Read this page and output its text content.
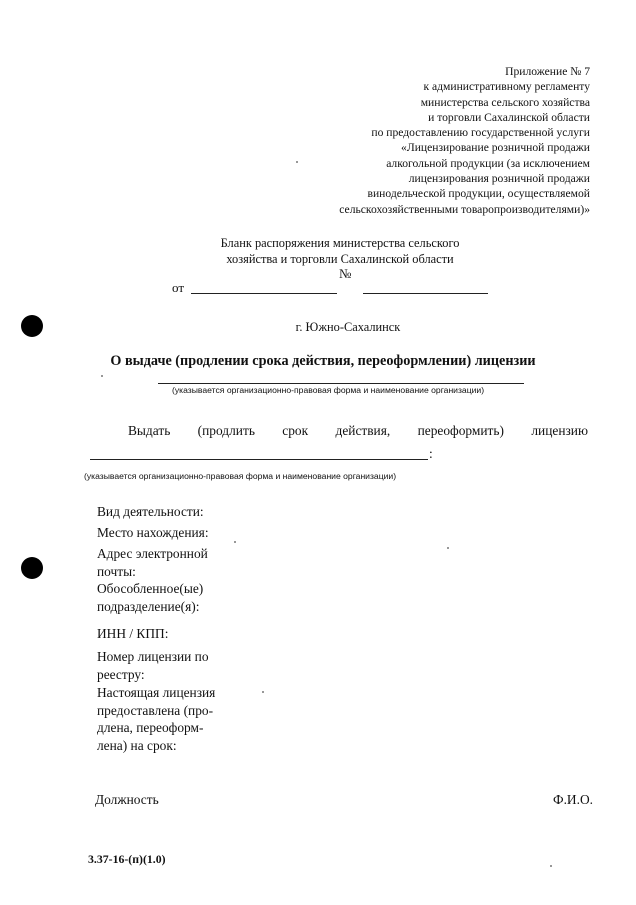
Приложение № 7
к административному регламенту
министерства сельского хозяйства
и торговли Сахалинской области
по предоставлению государственной услуги
«Лицензирование розничной продажи
алкогольной продукции (за исключением
лицензирования розничной продажи
винодельческой продукции, осуществляемой
сельскохозяйственными товаропроизводителями)»
Бланк распоряжения министерства сельского
хозяйства и торговли Сахалинской области
№
от
г. Южно-Сахалинск
О выдаче (продлении срока действия, переоформлении) лицензии
(указывается организационно-правовая форма и наименование организации)
Выдать (продлить срок действия, переоформить) лицензию
:
(указывается организационно-правовая форма и наименование организации)
Вид деятельности:
Место нахождения:
Адрес электронной
почты:
Обособленное(ые)
подразделение(я):
ИНН / КПП:
Номер лицензии по
реестру:
Настоящая лицензия
предоставлена (про-
длена, переоформ-
лена) на срок:
Должность	Ф.И.О.
3.37-16-(п)(1.0)
